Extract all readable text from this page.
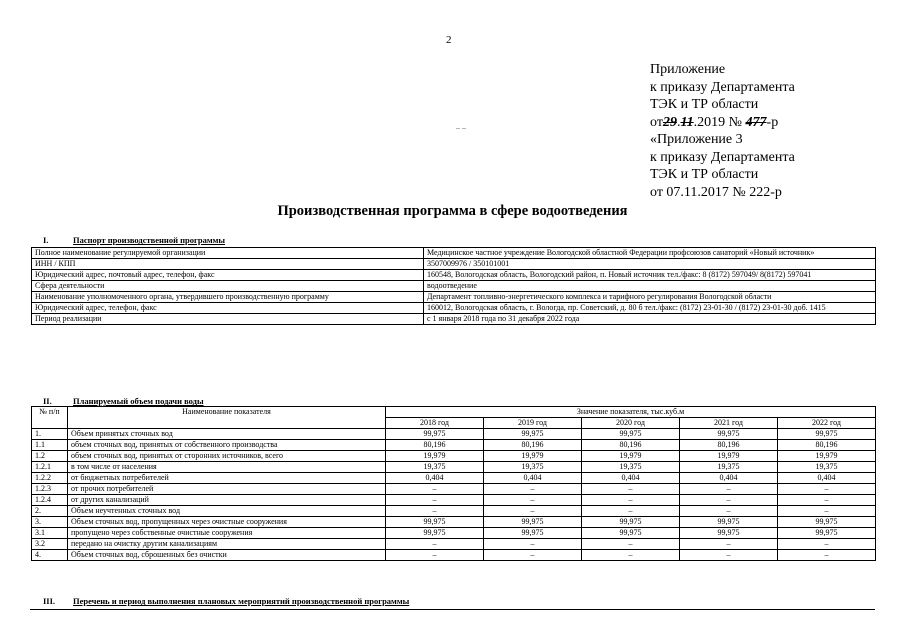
2
Приложение
к приказу Департамента
ТЭК и ТР области
от29.11.2019 № 477-р
«Приложение 3
к приказу Департамента
ТЭК и ТР области
от 07.11.2017 № 222-р
– –
Производственная программа в сфере водоотведения
I.	Паспорт производственной программы
Полное наименование регулируемой организации	Медицинское частное учреждение Вологодской областной Федерации профсоюзов санаторий «Новый источник»
ИНН / КПП	3507009976 / 350101001
Юридический адрес, почтовый адрес, телефон, факс	160548, Вологодская область, Вологодский район, п. Новый источник тел./факс: 8 (8172) 597049/ 8(8172) 597041
Сфера деятельности	водоотведение
Наименование уполномоченного органа, утвердившего производственную программу	Департамент топливно-энергетического комплекса и тарифного регулирования Вологодской области
Юридический адрес, телефон, факс	160012, Вологодская область, г. Вологда, пр. Советский, д. 80 б тел./факс: (8172) 23-01-30 / (8172) 23-01-30 доб. 1415
Период реализации	с 1 января 2018 года по 31 декабря 2022 года
II.	Планируемый объем подачи воды
№ п/п	Наименование показателя	Значение показателя, тыс.куб.м				
		2018 год	2019 год	2020 год	2021 год	2022 год
1.	Объем принятых сточных вод	99,975	99,975	99,975	99,975	99,975
1.1	объем сточных вод, принятых от собственного производства	80,196	80,196	80,196	80,196	80,196
1.2	объем сточных вод, принятых от сторонних источников, всего	19,979	19,979	19,979	19,979	19,979
1.2.1	в том числе от населения	19,375	19,375	19,375	19,375	19,375
1.2.2	от бюджетных потребителей	0,404	0,404	0,404	0,404	0,404
1.2.3	от прочих потребителей	–	–	–	–	–
1.2.4	от других канализаций	–	–	–	–	–
2.	Объем неучтенных сточных вод	–	–	–	–	–
3.	Объем сточных вод, пропущенных через очистные сооружения	99,975	99,975	99,975	99,975	99,975
3.1	пропущено через собственные очистные сооружения	99,975	99,975	99,975	99,975	99,975
3.2	передано на очистку другим канализациям	–	–	–	–	–
4.	Объем сточных вод, сброшенных без очистки	–	–	–	–	–
III. Перечень и период выполнения плановых мероприятий производственной программы
